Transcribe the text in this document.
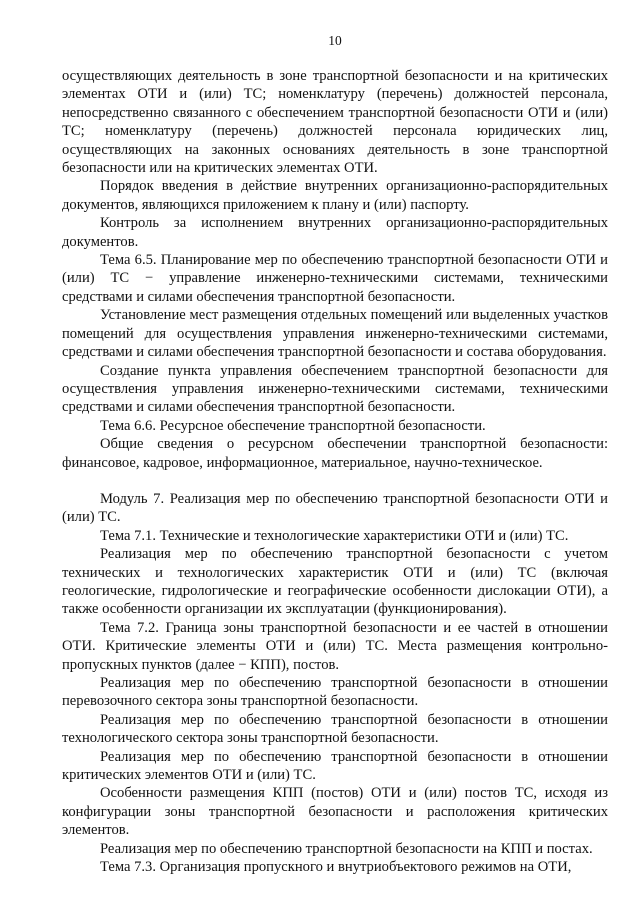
10

осуществляющих деятельность в зоне транспортной безопасности и на критических элементах ОТИ и (или) ТС; номенклатуру (перечень) должностей персонала, непосредственно связанного с обеспечением транспортной безопасности ОТИ и (или) ТС; номенклатуру (перечень) должностей персонала юридических лиц, осуществляющих на законных основаниях деятельность в зоне транспортной безопасности или на критических элементах ОТИ.

Порядок введения в действие внутренних организационно-распорядительных документов, являющихся приложением к плану и (или) паспорту.

Контроль за исполнением внутренних организационно-распорядительных документов.

Тема 6.5. Планирование мер по обеспечению транспортной безопасности ОТИ и (или) ТС − управление инженерно-техническими системами, техническими средствами и силами обеспечения транспортной безопасности.

Установление мест размещения отдельных помещений или выделенных участков помещений для осуществления управления инженерно-техническими системами, средствами и силами обеспечения транспортной безопасности и состава оборудования.

Создание пункта управления обеспечением транспортной безопасности для осуществления управления инженерно-техническими системами, техническими средствами и силами обеспечения транспортной безопасности.

Тема 6.6. Ресурсное обеспечение транспортной безопасности.

Общие сведения о ресурсном обеспечении транспортной безопасности: финансовое, кадровое, информационное, материальное, научно-техническое.

Модуль 7. Реализация мер по обеспечению транспортной безопасности ОТИ и (или) ТС.

Тема 7.1. Технические и технологические характеристики ОТИ и (или) ТС.

Реализация мер по обеспечению транспортной безопасности с учетом технических и технологических характеристик ОТИ и (или) ТС (включая геологические, гидрологические и географические особенности дислокации ОТИ), а также особенности организации их эксплуатации (функционирования).

Тема 7.2. Граница зоны транспортной безопасности и ее частей в отношении ОТИ. Критические элементы ОТИ и (или) ТС. Места размещения контрольно-пропускных пунктов (далее − КПП), постов.

Реализация мер по обеспечению транспортной безопасности в отношении перевозочного сектора зоны транспортной безопасности.

Реализация мер по обеспечению транспортной безопасности в отношении технологического сектора зоны транспортной безопасности.

Реализация мер по обеспечению транспортной безопасности в отношении критических элементов ОТИ и (или) ТС.

Особенности размещения КПП (постов) ОТИ и (или) постов ТС, исходя из конфигурации зоны транспортной безопасности и расположения критических элементов.

Реализация мер по обеспечению транспортной безопасности на КПП и постах.

Тема 7.3. Организация пропускного и внутриобъектового режимов на ОТИ,
